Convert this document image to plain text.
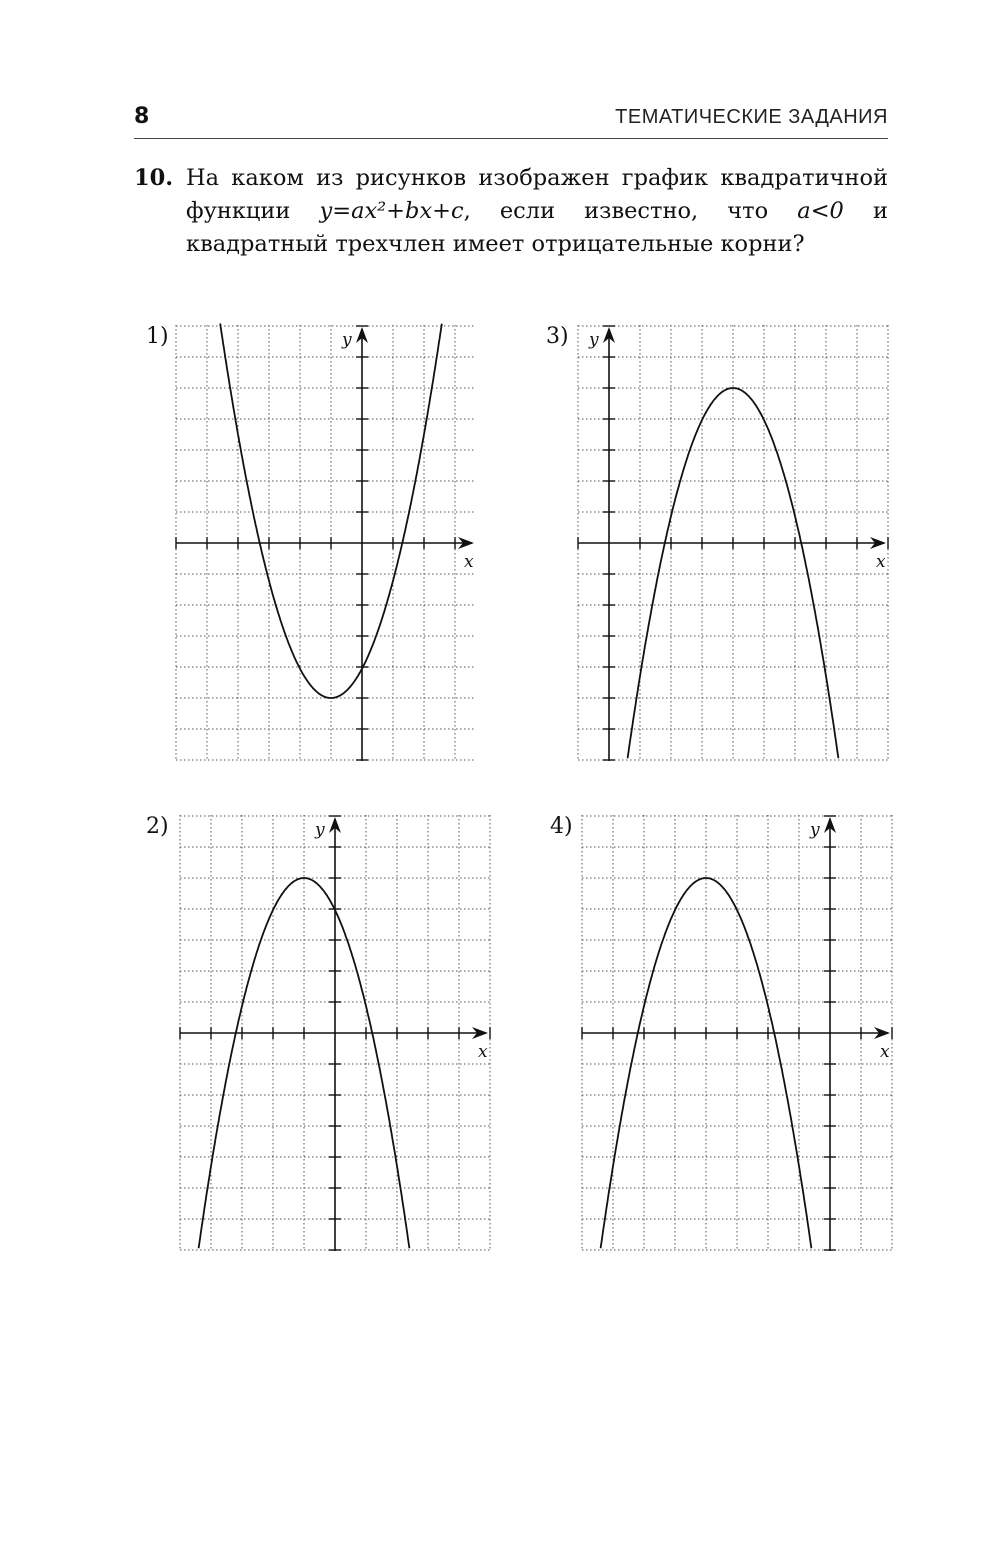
8	ТЕМАТИЧЕСКИЕ ЗАДАНИЯ
10. На каком из рисунков изображен график квадратичной функции y=ax²+bx+c, если известно, что a<0 и квадратный трехчлен имеет отрицательные корни?
1)	3)
2)	4)
x
y
x
y
x
y
x
y
